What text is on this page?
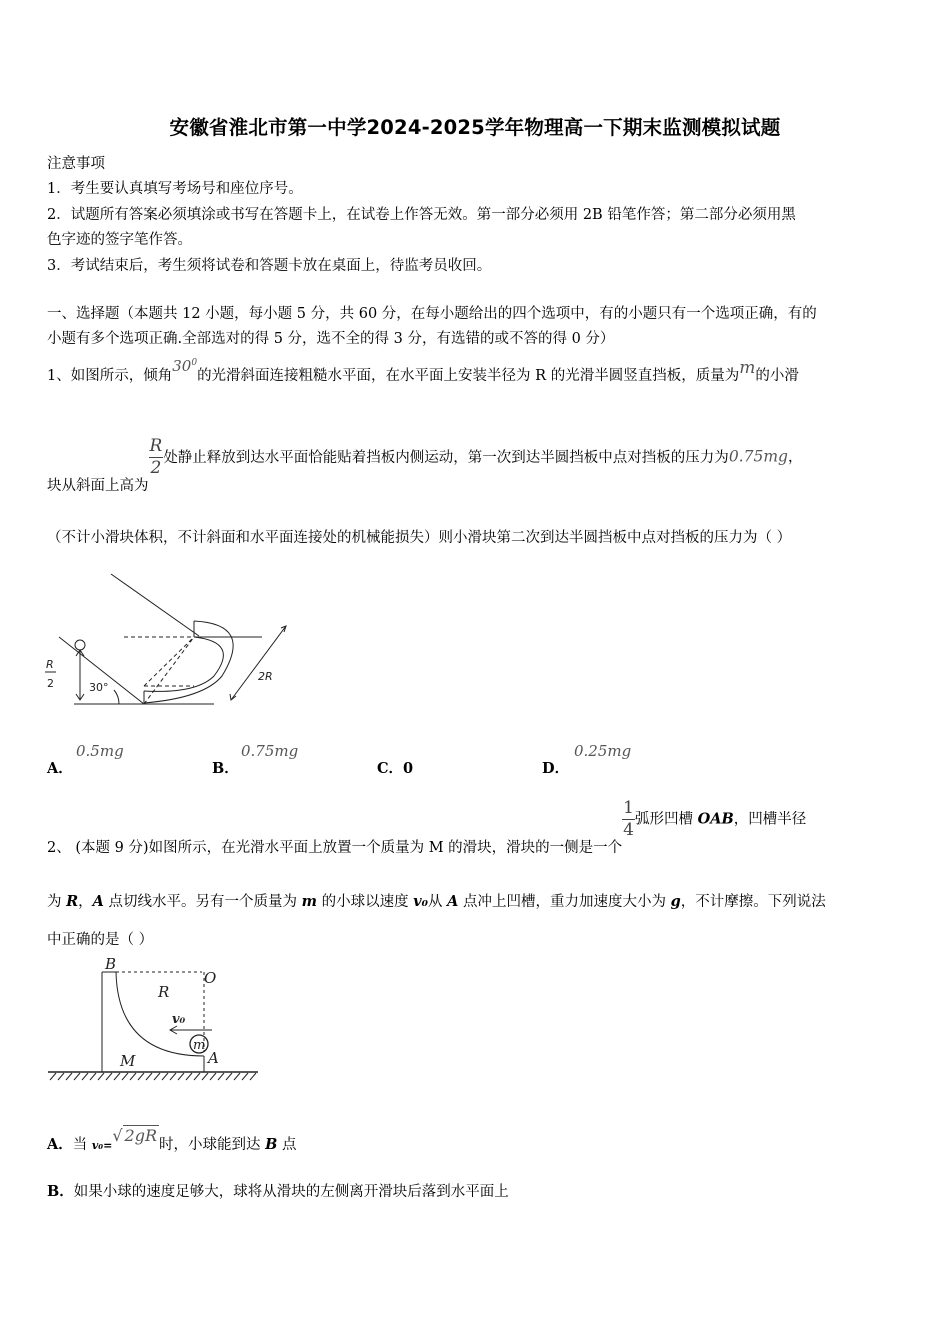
安徽省淮北市第一中学2024-2025学年物理高一下期末监测模拟试题
注意事项
1．考生要认真填写考场号和座位序号。
2．试题所有答案必须填涂或书写在答题卡上，在试卷上作答无效。第一部分必须用 2B 铅笔作答；第二部分必须用黑
色字迹的签字笔作答。
3．考试结束后，考生须将试卷和答题卡放在桌面上，待监考员收回。
一、选择题（本题共 12 小题，每小题 5 分，共 60 分，在每小题给出的四个选项中，有的小题只有一个选项正确，有的
小题有多个选项正确.全部选对的得 5 分，选不全的得 3 分，有选错的或不答的得 0 分）
1、如图所示，倾角$30^0$的光滑斜面连接粗糙水平面，在水平面上安装半径为 R 的光滑半圆竖直挡板，质量为m的小滑
块从斜面上高为
$\frac{R}{2}$ 处静止释放到达水平面恰能贴着挡板内侧运动，第一次到达半圆挡板中点对挡板的压力为0.75mg，
（不计小滑块体积，不计斜面和水平面连接处的机械能损失）则小滑块第二次到达半圆挡板中点对挡板的压力为（ ）
R
2	30°
2R
A．
0.5mg
B．
0.75mg
C．0	D．
0.25mg
2、 (本题 9 分)如图所示，在光滑水平面上放置一个质量为 M 的滑块，滑块的一侧是一个
$\frac{1}{4}$ 弧形凹槽 OAB，凹槽半径
为 R，A 点切线水平。另有一个质量为 m 的小球以速度 v₀从 A 点冲上凹槽，重力加速度大小为 g，不计摩擦。下列说法
中正确的是（ ）
B
O
R
v₀
m
M	A
A．当 v₀=√ 2gR 时，小球能到达 B 点
B．如果小球的速度足够大，球将从滑块的左侧离开滑块后落到水平面上
